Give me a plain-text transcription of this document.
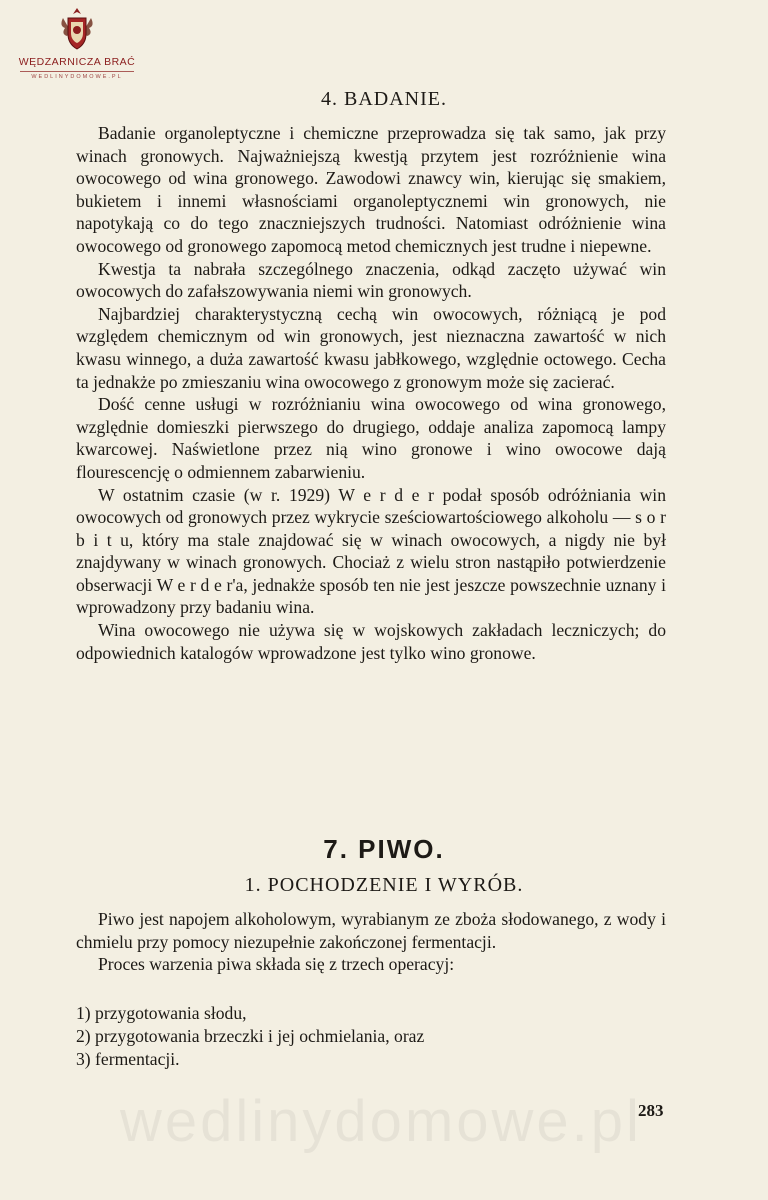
WĘDZARNICZA BRAĆ
WEDLINYDOMOWE.PL
4. BADANIE.

Badanie organoleptyczne i chemiczne przeprowadza się tak samo, jak przy winach gronowych. Najważniejszą kwestją przytem jest rozróżnienie wina owocowego od wina gronowego. Zawodowi znawcy win, kierując się smakiem, bukietem i innemi własnościami organoleptycznemi win gronowych, nie napotykają co do tego znaczniejszych trudności. Natomiast odróżnienie wina owocowego od gronowego zapomocą metod chemicznych jest trudne i niepewne.

Kwestja ta nabrała szczególnego znaczenia, odkąd zaczęto używać win owocowych do zafałszowywania niemi win gronowych.

Najbardziej charakterystyczną cechą win owocowych, różniącą je pod względem chemicznym od win gronowych, jest nieznaczna zawartość w nich kwasu winnego, a duża zawartość kwasu jabłkowego, względnie octowego. Cecha ta jednakże po zmieszaniu wina owocowego z gronowym może się zacierać.

Dość cenne usługi w rozróżnianiu wina owocowego od wina gronowego, względnie domieszki pierwszego do drugiego, oddaje analiza zapomocą lampy kwarcowej. Naświetlone przez nią wino gronowe i wino owocowe dają flourescencję o odmiennem zabarwieniu.

W ostatnim czasie (w r. 1929) W e r d e r podał sposób odróżniania win owocowych od gronowych przez wykrycie sześciowartościowego alkoholu — s o r b i t u, który ma stale znajdować się w winach owocowych, a nigdy nie był znajdywany w winach gronowych. Chociaż z wielu stron nastąpiło potwierdzenie obserwacji W e r d e r'a, jednakże sposób ten nie jest jeszcze powszechnie uznany i wprowadzony przy badaniu wina.

Wina owocowego nie używa się w wojskowych zakładach leczniczych; do odpowiednich katalogów wprowadzone jest tylko wino gronowe.

7. PIWO.
1. POCHODZENIE I WYRÓB.

Piwo jest napojem alkoholowym, wyrabianym ze zboża słodowanego, z wody i chmielu przy pomocy niezupełnie zakończonej fermentacji.

Proces warzenia piwa składa się z trzech operacyj:

1) przygotowania słodu,
2) przygotowania brzeczki i jej ochmielania, oraz
3) fermentacji.
wedlinydomowe.pl
283
